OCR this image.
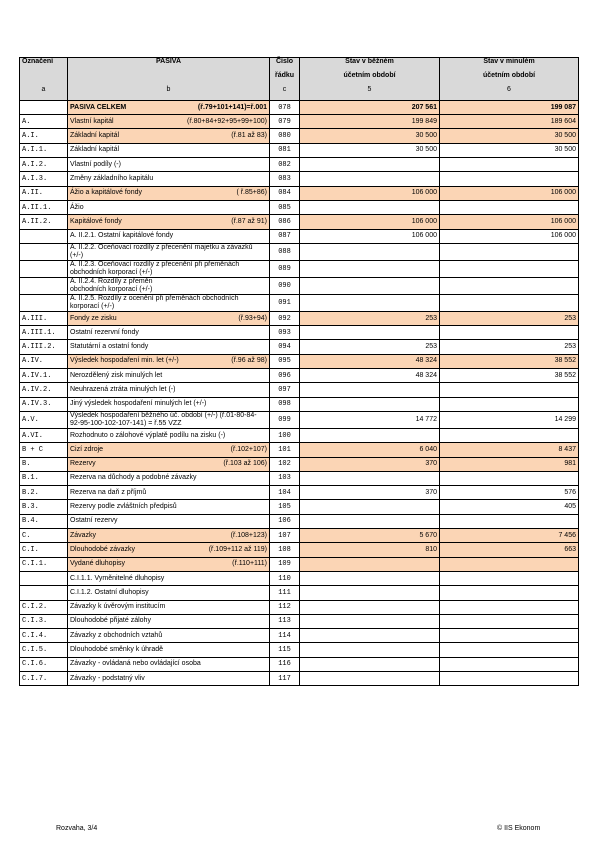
Označení	PASIVA	Číslo	Stav v běžném	Stav v minulém
		řádku	účetním období	účetním období
a	b	c	5	6

	PASIVA CELKEM (ř.79+101+141)=ř.001	078	207 561	199 087
A.	Vlastní kapitál (ř.80+84+92+95+99+100)	079	199 849	189 604
A.I.	Základní kapitál (ř.81 až 83)	080	30 500	30 500
A.I.1.	Základní kapitál	081	30 500	30 500
A.I.2.	Vlastní podíly (-)	082		
A.I.3.	Změny základního kapitálu	083		
A.II.	Ážio a kapitálové fondy ( ř.85+86)	084	106 000	106 000
A.II.1.	Ážio	085		
A.II.2.	Kapitálové fondy (ř.87 až 91)	086	106 000	106 000

	A. II.2.1. Ostatní kapitálové fondy	087	106 000	106 000

	A. II.2.2. Oceňovací rozdíly z přecenění majetku a závazků (+/-)	088		

	A. II.2.3. Oceňovací rozdíly z přecenění při přeměnách obchodních korporací (+/-)	089		

	A. II.2.4. Rozdíly z přeměn obchodních korporací (+/-)	090		

	A. II.2.5. Rozdíly z ocenění při přeměnách obchodních korporací (+/-)	091		
A.III.	Fondy ze zisku (ř.93+94)	092	253	253
A.III.1.	Ostatní rezervní fondy	093		
A.III.2.	Statutární a ostatní fondy	094	253	253
A.IV.	Výsledek hospodaření min. let (+/-) (ř.96 až 98)	095	48 324	38 552
A.IV.1.	Nerozdělený zisk minulých let	096	48 324	38 552
A.IV.2.	Neuhrazená ztráta minulých let (-)	097		
A.IV.3.	Jiný výsledek hospodaření minulých let (+/-)	098		
A.V.	Výsledek hospodaření běžného úč. období (+/-) (ř.01-80-84-92-95-100-102-107-141) = ř.55 VZZ	099	14 772	14 299
A.VI.	Rozhodnuto o zálohové výplatě podílu na zisku (-)	100		
B + C	Cizí zdroje (ř.102+107)	101	6 040	8 437
B.	Rezervy (ř.103 až 106)	102	370	981
B.1.	Rezerva na důchody a podobné závazky	103		
B.2.	Rezerva na daň z příjmů	104	370	576
B.3.	Rezervy podle zvláštních předpisů	105		405
B.4.	Ostatní rezervy	106		
C.	Závazky (ř.108+123)	107	5 670	7 456
C.I.	Dlouhodobé závazky (ř.109+112 až 119)	108	810	663
C.I.1.	Vydané dluhopisy (ř.110+111)	109		

	C.I.1.1. Vyměnitelné dluhopisy	110		

	C.I.1.2. Ostatní dluhopisy	111		
C.I.2.	Závazky k úvěrovým institucím	112		
C.I.3.	Dlouhodobé přijaté zálohy	113		
C.I.4.	Závazky z obchodních vztahů	114		
C.I.5.	Dlouhodobé směnky k úhradě	115		
C.I.6.	Závazky - ovládaná nebo ovládající osoba	116		
C.I.7.	Závazky - podstatný vliv	117		
Rozvaha, 3/4	© IIS Ekonom
